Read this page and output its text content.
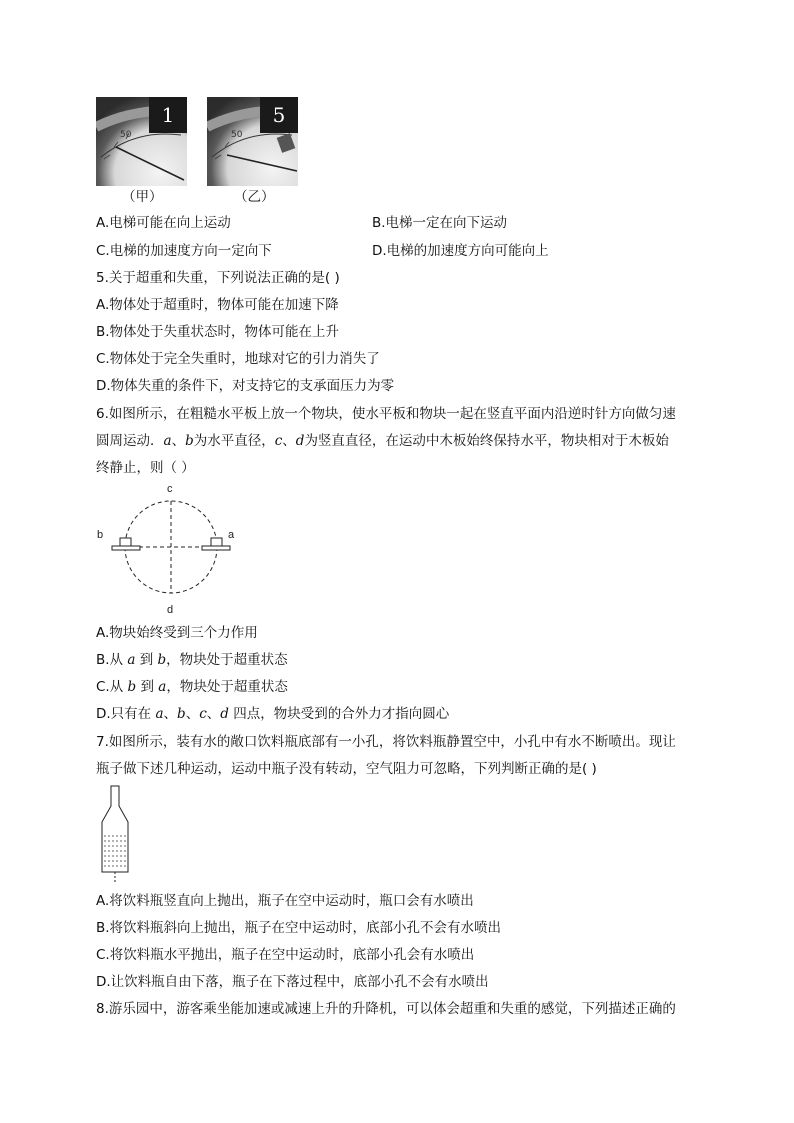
50
1
50
5
（甲）	（乙）
A.电梯可能在向上运动	B.电梯一定在向下运动
C.电梯的加速度方向一定向下	D.电梯的加速度方向可能向上
5.关于超重和失重，下列说法正确的是( )
A.物体处于超重时，物体可能在加速下降
B.物体处于失重状态时，物体可能在上升
C.物体处于完全失重时，地球对它的引力消失了
D.物体失重的条件下，对支持它的支承面压力为零
6.如图所示，在粗糙水平板上放一个物块，使水平板和物块一起在竖直平面内沿逆时针方向做匀速
圆周运动．a、b为水平直径，c、d为竖直直径，在运动中木板始终保持水平，物块相对于木板始
终静止，则（ ）
c
d
b	a
A.物块始终受到三个力作用
B.从 a 到 b，物块处于超重状态
C.从 b 到 a，物块处于超重状态
D.只有在 a、b、c、d 四点，物块受到的合外力才指向圆心
7.如图所示，装有水的敞口饮料瓶底部有一小孔，将饮料瓶静置空中，小孔中有水不断喷出。现让
瓶子做下述几种运动，运动中瓶子没有转动，空气阻力可忽略，下列判断正确的是( )
A.将饮料瓶竖直向上抛出，瓶子在空中运动时，瓶口会有水喷出
B.将饮料瓶斜向上抛出，瓶子在空中运动时，底部小孔不会有水喷出
C.将饮料瓶水平抛出，瓶子在空中运动时，底部小孔会有水喷出
D.让饮料瓶自由下落，瓶子在下落过程中，底部小孔不会有水喷出
8.游乐园中，游客乘坐能加速或减速上升的升降机，可以体会超重和失重的感觉，下列描述正确的
